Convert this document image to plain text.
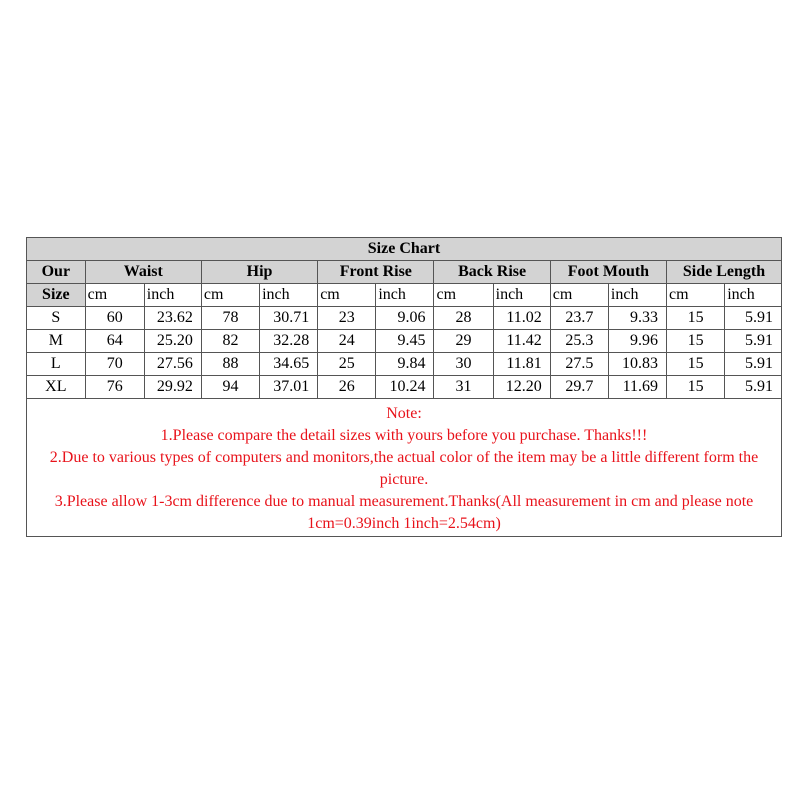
Size Chart												
Our	Waist		Hip		Front Rise		Back Rise		Foot Mouth		Side Length	
Size	cm	inch	cm	inch	cm	inch	cm	inch	cm	inch	cm	inch
S	60	23.62	78	30.71	23	9.06	28	11.02	23.7	9.33	15	5.91
M	64	25.20	82	32.28	24	9.45	29	11.42	25.3	9.96	15	5.91
L	70	27.56	88	34.65	25	9.84	30	11.81	27.5	10.83	15	5.91
XL	76	29.92	94	37.01	26	10.24	31	12.20	29.7	11.69	15	5.91

Note:
1.Please compare the detail sizes with yours before you purchase. Thanks!!!
2.Due to various types of computers and monitors,the actual color of the item may be a little different form the picture.
3.Please allow 1-3cm difference due to manual measurement.Thanks(All measurement in cm and please note 1cm=0.39inch 1inch=2.54cm)												
